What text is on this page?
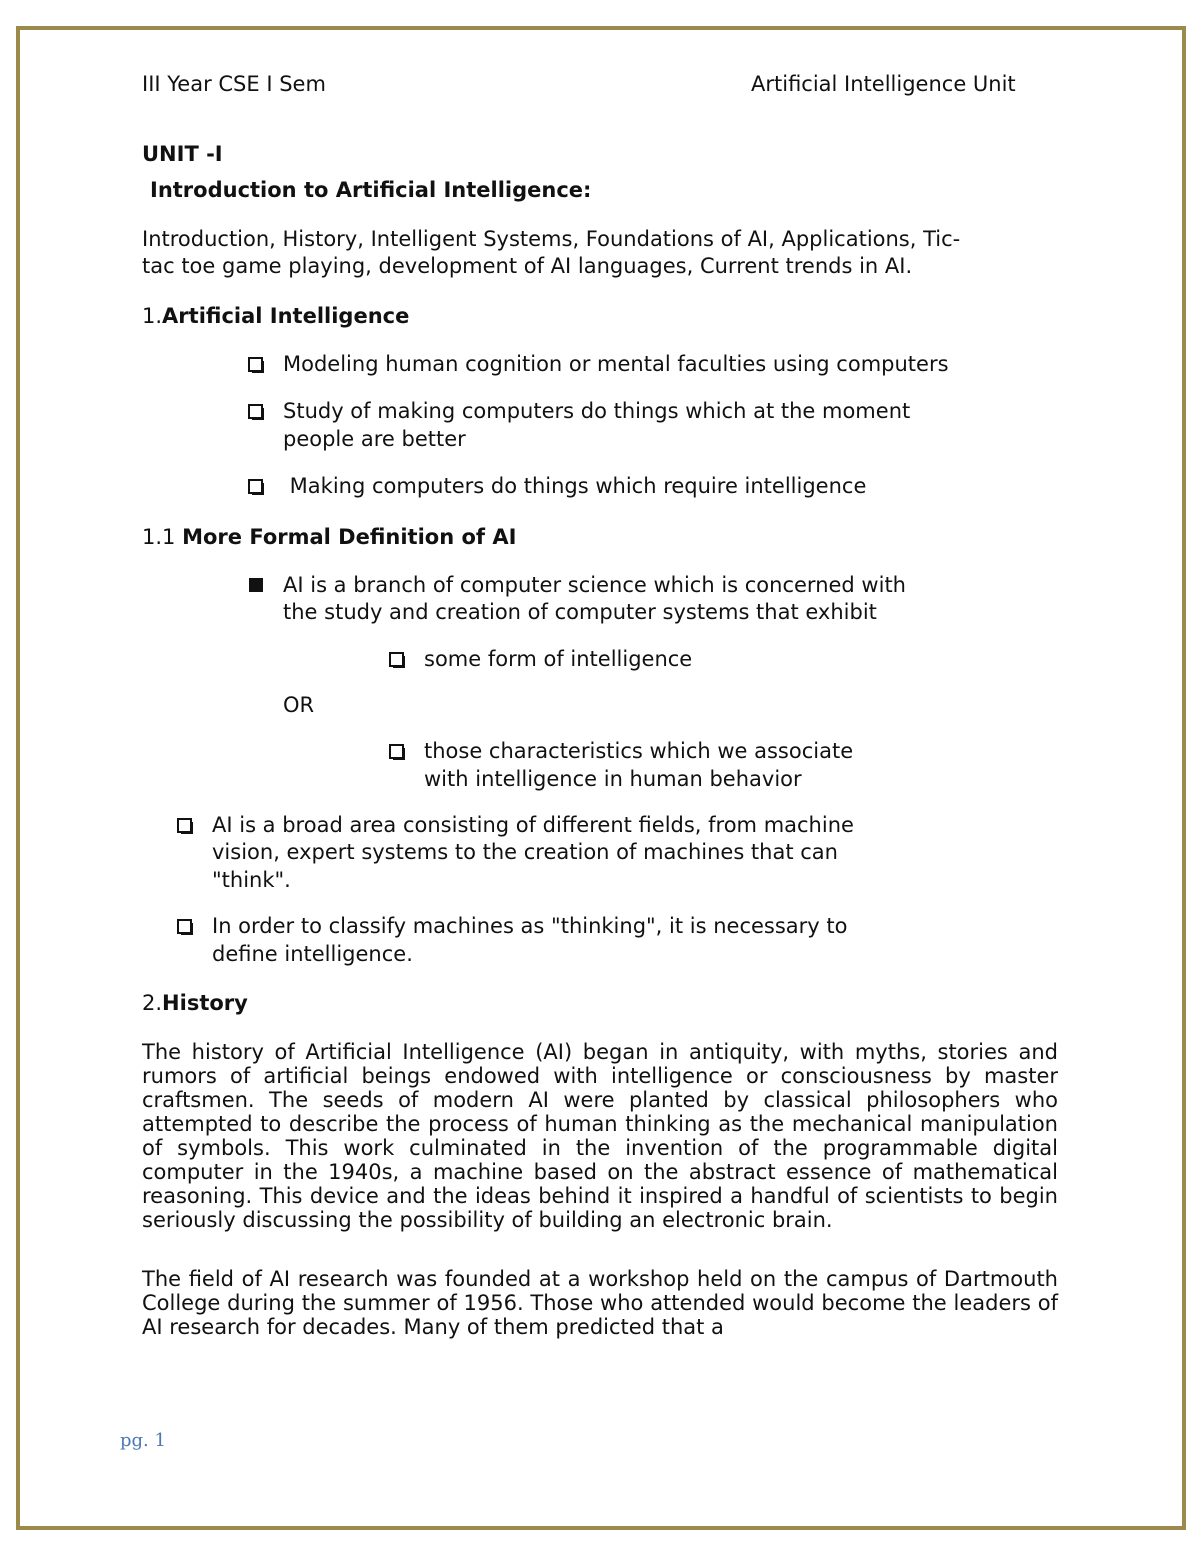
III Year CSE I Sem	Artificial Intelligence Unit
UNIT -I
Introduction to Artificial Intelligence:
Introduction, History, Intelligent Systems, Foundations of AI, Applications, Tic-
tac toe game playing, development of AI languages, Current trends in AI.
1.Artificial Intelligence
Modeling human cognition or mental faculties using computers
Study of making computers do things which at the moment
people are better
Making computers do things which require intelligence
1.1 More Formal Definition of AI
AI is a branch of computer science which is concerned with
the study and creation of computer systems that exhibit
some form of intelligence
OR
those characteristics which we associate
with intelligence in human behavior
AI is a broad area consisting of different fields, from machine
vision, expert systems to the creation of machines that can
"think".
In order to classify machines as "thinking", it is necessary to
define intelligence.
2.History
The history of Artificial Intelligence (AI) began in antiquity, with myths, stories and rumors of artificial beings endowed with intelligence or consciousness by master craftsmen. The seeds of modern AI were planted by classical philosophers who attempted to describe the process of human thinking as the mechanical manipulation of symbols. This work culminated in the invention of the programmable digital computer in the 1940s, a machine based on the abstract essence of mathematical reasoning. This device and the ideas behind it inspired a handful of scientists to begin seriously discussing the possibility of building an electronic brain.
The field of AI research was founded at a workshop held on the campus of Dartmouth College during the summer of 1956. Those who attended would become the leaders of AI research for decades. Many of them predicted that a
pg. 1
